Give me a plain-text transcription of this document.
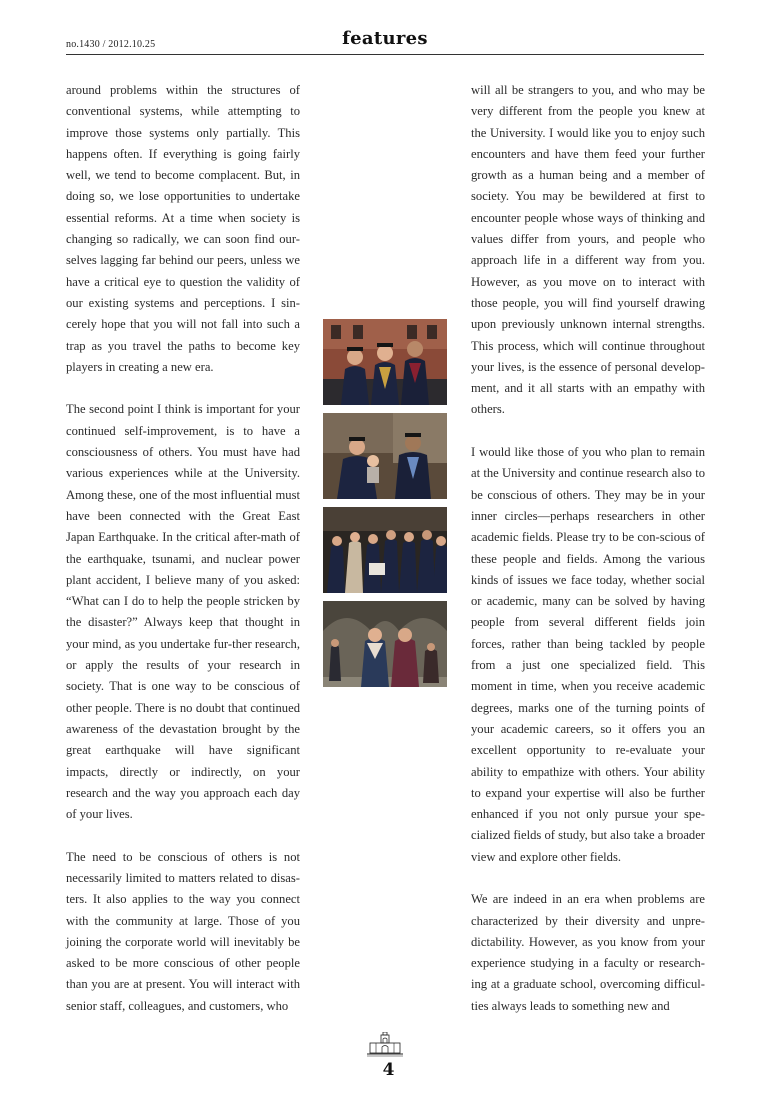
no.1430 / 2012.10.25	features

around problems within the structures of conventional systems, while attempting to improve those systems only partially. This happens often. If everything is going fairly well, we tend to become complacent. But, in doing so, we lose opportunities to undertake essential reforms. At a time when society is changing so radically, we can soon find our-selves lagging far behind our peers, unless we have a critical eye to question the validity of our existing systems and perceptions. I sin-cerely hope that you will not fall into such a trap as you travel the paths to become key players in creating a new era.

The second point I think is important for your continued self-improvement, is to have a consciousness of others. You must have had various experiences while at the University. Among these, one of the most influential must have been connected with the Great East Japan Earthquake. In the critical after-math of the earthquake, tsunami, and nuclear power plant accident, I believe many of you asked: “What can I do to help the people stricken by the disaster?” Always keep that thought in your mind, as you undertake fur-ther research, or apply the results of your research in society. That is one way to be conscious of other people. There is no doubt that continued awareness of the devastation brought by the great earthquake will have significant impacts, directly or indirectly, on your research and the way you approach each day of your lives.

The need to be conscious of others is not necessarily limited to matters related to disas-ters. It also applies to the way you connect with the community at large. Those of you joining the corporate world will inevitably be asked to be more conscious of other people than you are at present. You will interact with senior staff, colleagues, and customers, who

will all be strangers to you, and who may be very different from the people you knew at the University. I would like you to enjoy such encounters and have them feed your further growth as a human being and a member of society. You may be bewildered at first to encounter people whose ways of thinking and values differ from yours, and people who approach life in a different way from you. However, as you move on to interact with those people, you will find yourself drawing upon previously unknown internal strengths. This process, which will continue throughout your lives, is the essence of personal develop-ment, and it all starts with an empathy with others.

I would like those of you who plan to remain at the University and continue research also to be conscious of others. They may be in your inner circles—perhaps researchers in other academic fields. Please try to be con-scious of these people and fields. Among the various kinds of issues we face today, whether social or academic, many can be solved by having people from several different fields join forces, rather than being tackled by people from a just one specialized field. This moment in time, when you receive academic degrees, marks one of the turning points of your academic careers, so it offers you an excellent opportunity to re-evaluate your ability to empathize with others. Your ability to expand your expertise will also be further enhanced if you not only pursue your spe-cialized fields of study, but also take a broader view and explore other fields.

We are indeed in an era when problems are characterized by their diversity and unpre-dictability. However, as you know from your experience studying in a faculty or research-ing at a graduate school, overcoming difficul-ties always leads to something new and

4
